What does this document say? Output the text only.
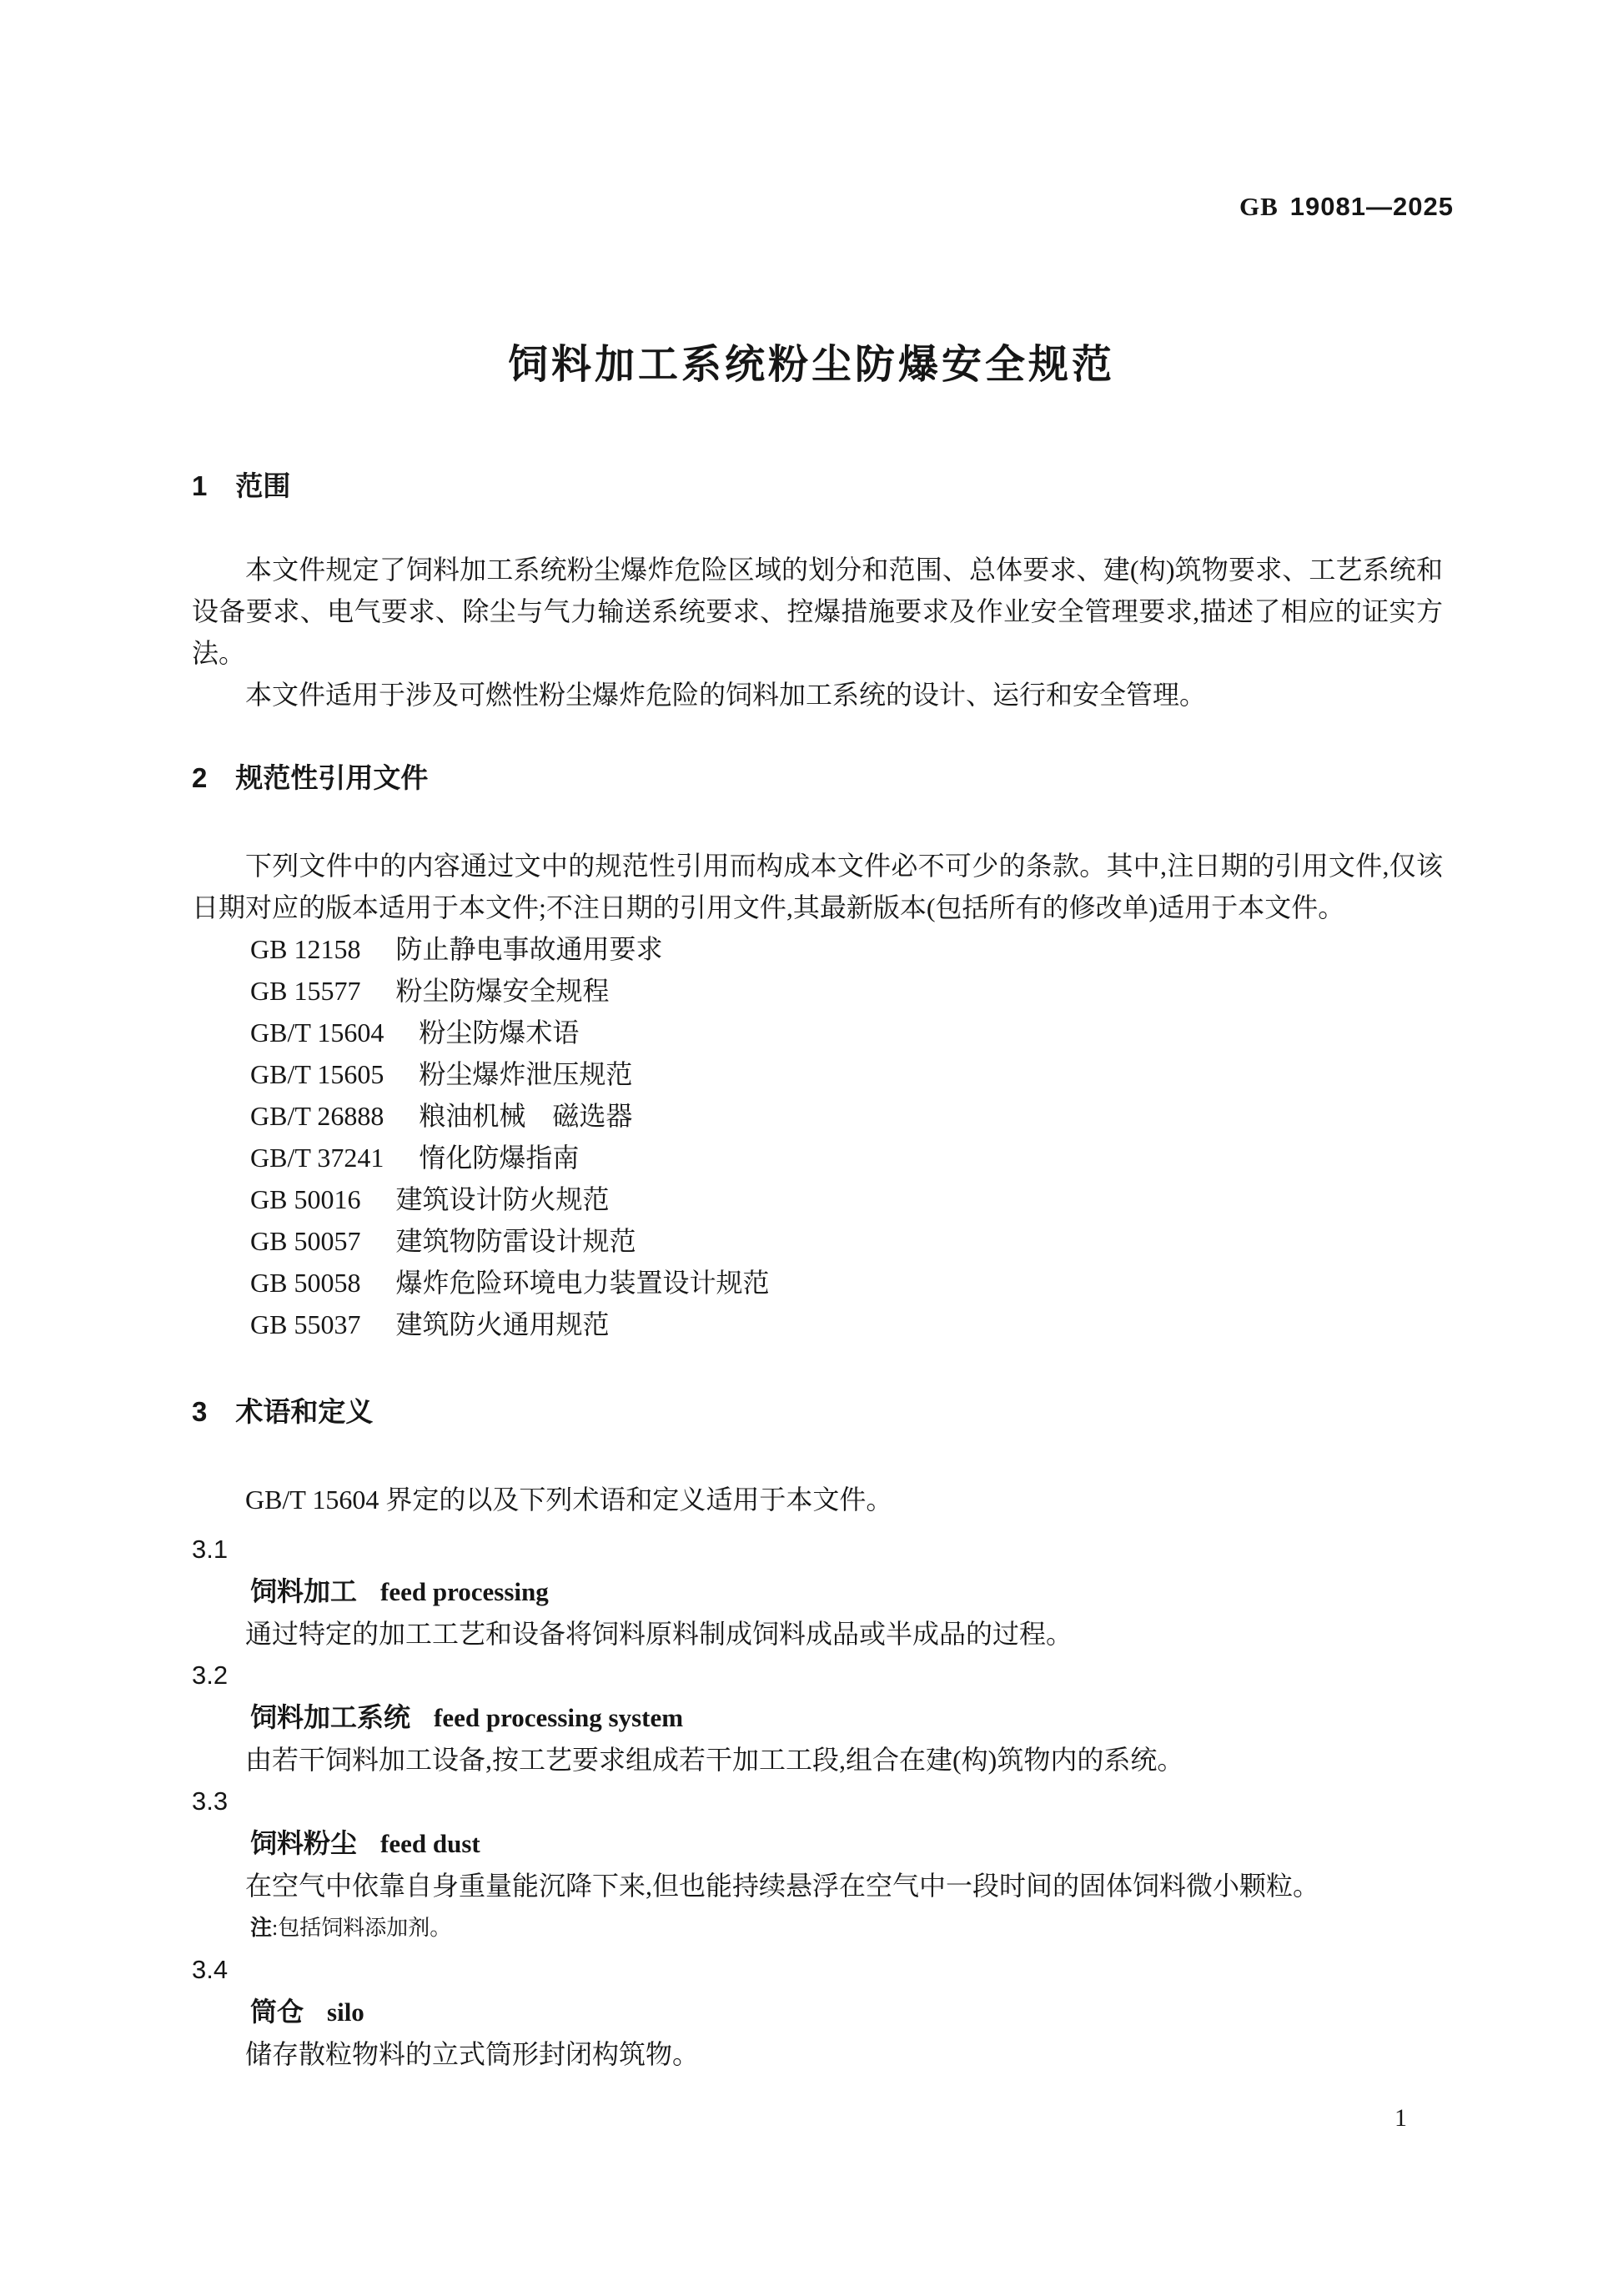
GB 19081—2025
饲料加工系统粉尘防爆安全规范
1 范围
本文件规定了饲料加工系统粉尘爆炸危险区域的划分和范围、总体要求、建(构)筑物要求、工艺系统和设备要求、电气要求、除尘与气力输送系统要求、控爆措施要求及作业安全管理要求,描述了相应的证实方法。
本文件适用于涉及可燃性粉尘爆炸危险的饲料加工系统的设计、运行和安全管理。
2 规范性引用文件
下列文件中的内容通过文中的规范性引用而构成本文件必不可少的条款。其中,注日期的引用文件,仅该日期对应的版本适用于本文件;不注日期的引用文件,其最新版本(包括所有的修改单)适用于本文件。
GB 12158 防止静电事故通用要求
GB 15577 粉尘防爆安全规程
GB/T 15604 粉尘防爆术语
GB/T 15605 粉尘爆炸泄压规范
GB/T 26888 粮油机械　磁选器
GB/T 37241 惰化防爆指南
GB 50016 建筑设计防火规范
GB 50057 建筑物防雷设计规范
GB 50058 爆炸危险环境电力装置设计规范
GB 55037 建筑防火通用规范
3 术语和定义
GB/T 15604 界定的以及下列术语和定义适用于本文件。
3.1
饲料加工 feed processing
通过特定的加工工艺和设备将饲料原料制成饲料成品或半成品的过程。
3.2
饲料加工系统 feed processing system
由若干饲料加工设备,按工艺要求组成若干加工工段,组合在建(构)筑物内的系统。
3.3
饲料粉尘 feed dust
在空气中依靠自身重量能沉降下来,但也能持续悬浮在空气中一段时间的固体饲料微小颗粒。
注:包括饲料添加剂。
3.4
筒仓 silo
储存散粒物料的立式筒形封闭构筑物。
1
